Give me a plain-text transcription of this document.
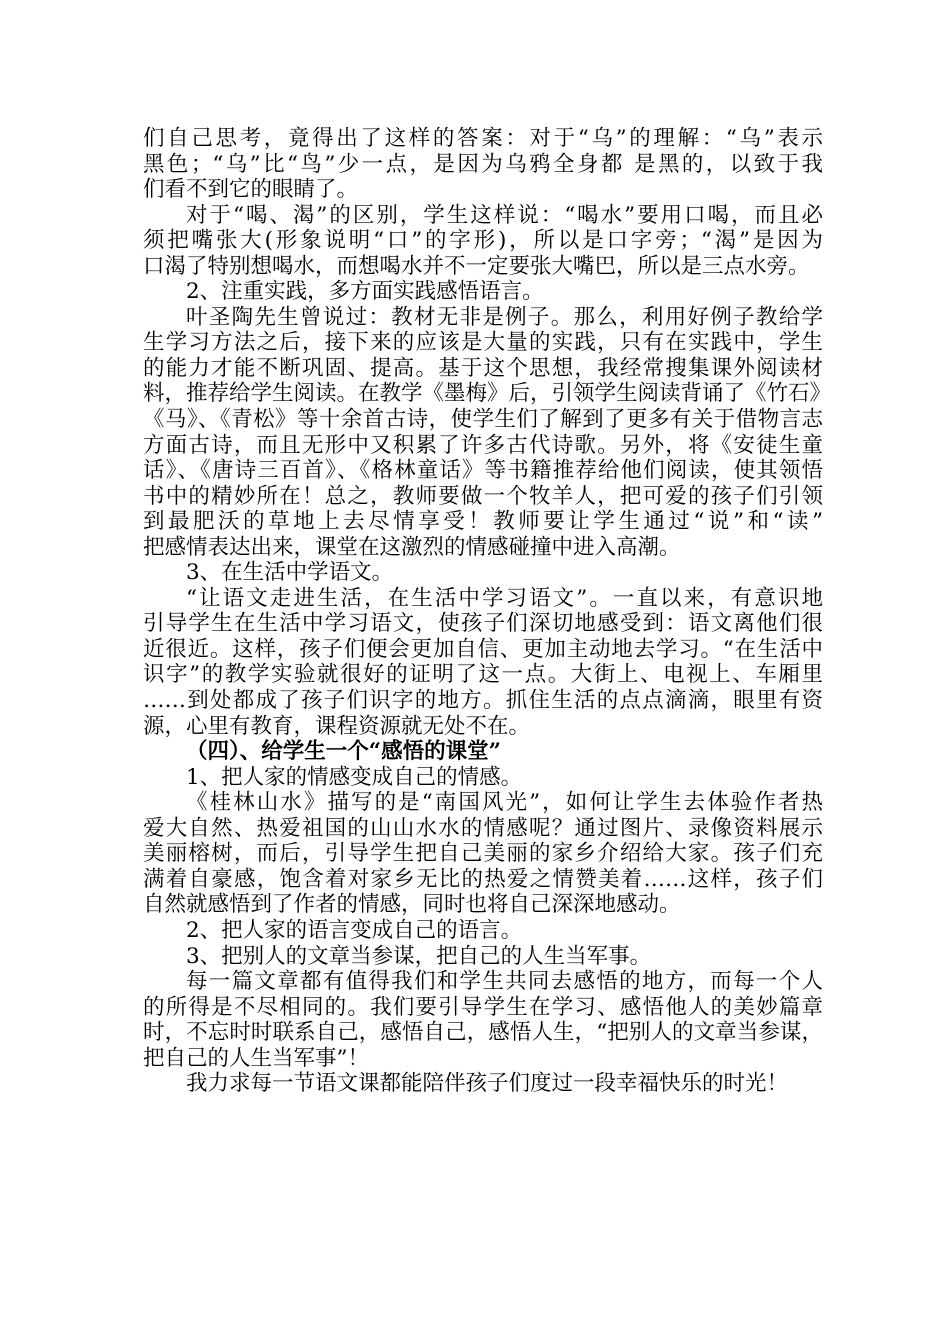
们自己思考，竟得出了这样的答案：对于“乌”的理解：“乌”表示
黑色；“乌”比“鸟”少一点，是因为乌鸦全身都 是黑的，以致于我
们看不到它的眼睛了。
对于“喝、渴”的区别，学生这样说：“喝水”要用口喝，而且必
须把嘴张大(形象说明“口”的字形)，所以是口字旁；“渴”是因为
口渴了特别想喝水，而想喝水并不一定要张大嘴巴，所以是三点水旁。
2、注重实践，多方面实践感悟语言。
叶圣陶先生曾说过：教材无非是例子。那么，利用好例子教给学
生学习方法之后，接下来的应该是大量的实践，只有在实践中，学生
的能力才能不断巩固、提高。基于这个思想，我经常搜集课外阅读材
料，推荐给学生阅读。在教学《墨梅》后，引领学生阅读背诵了《竹石》
《马》、《青松》等十余首古诗，使学生们了解到了更多有关于借物言志
方面古诗，而且无形中又积累了许多古代诗歌。另外，将《安徒生童
话》、《唐诗三百首》、《格林童话》等书籍推荐给他们阅读，使其领悟
书中的精妙所在！总之，教师要做一个牧羊人，把可爱的孩子们引领
到最肥沃的草地上去尽情享受！教师要让学生通过“说”和“读”
把感情表达出来，课堂在这激烈的情感碰撞中进入高潮。
3、在生活中学语文。
“让语文走进生活，在生活中学习语文”。一直以来，有意识地
引导学生在生活中学习语文，使孩子们深切地感受到：语文离他们很
近很近。这样，孩子们便会更加自信、更加主动地去学习。“在生活中
识字”的教学实验就很好的证明了这一点。大街上、电视上、车厢里
……到处都成了孩子们识字的地方。抓住生活的点点滴滴，眼里有资
源，心里有教育，课程资源就无处不在。
（四）、给学生一个“感悟的课堂”
1、把人家的情感变成自己的情感。
《桂林山水》描写的是“南国风光”，如何让学生去体验作者热
爱大自然、热爱祖国的山山水水的情感呢？通过图片、录像资料展示
美丽榕树，而后，引导学生把自己美丽的家乡介绍给大家。孩子们充
满着自豪感，饱含着对家乡无比的热爱之情赞美着……这样，孩子们
自然就感悟到了作者的情感，同时也将自己深深地感动。
2、把人家的语言变成自己的语言。
3、把别人的文章当参谋，把自己的人生当军事。
每一篇文章都有值得我们和学生共同去感悟的地方，而每一个人
的所得是不尽相同的。我们要引导学生在学习、感悟他人的美妙篇章
时，不忘时时联系自己，感悟自己，感悟人生，“把别人的文章当参谋，
把自己的人生当军事”！
我力求每一节语文课都能陪伴孩子们度过一段幸福快乐的时光！
